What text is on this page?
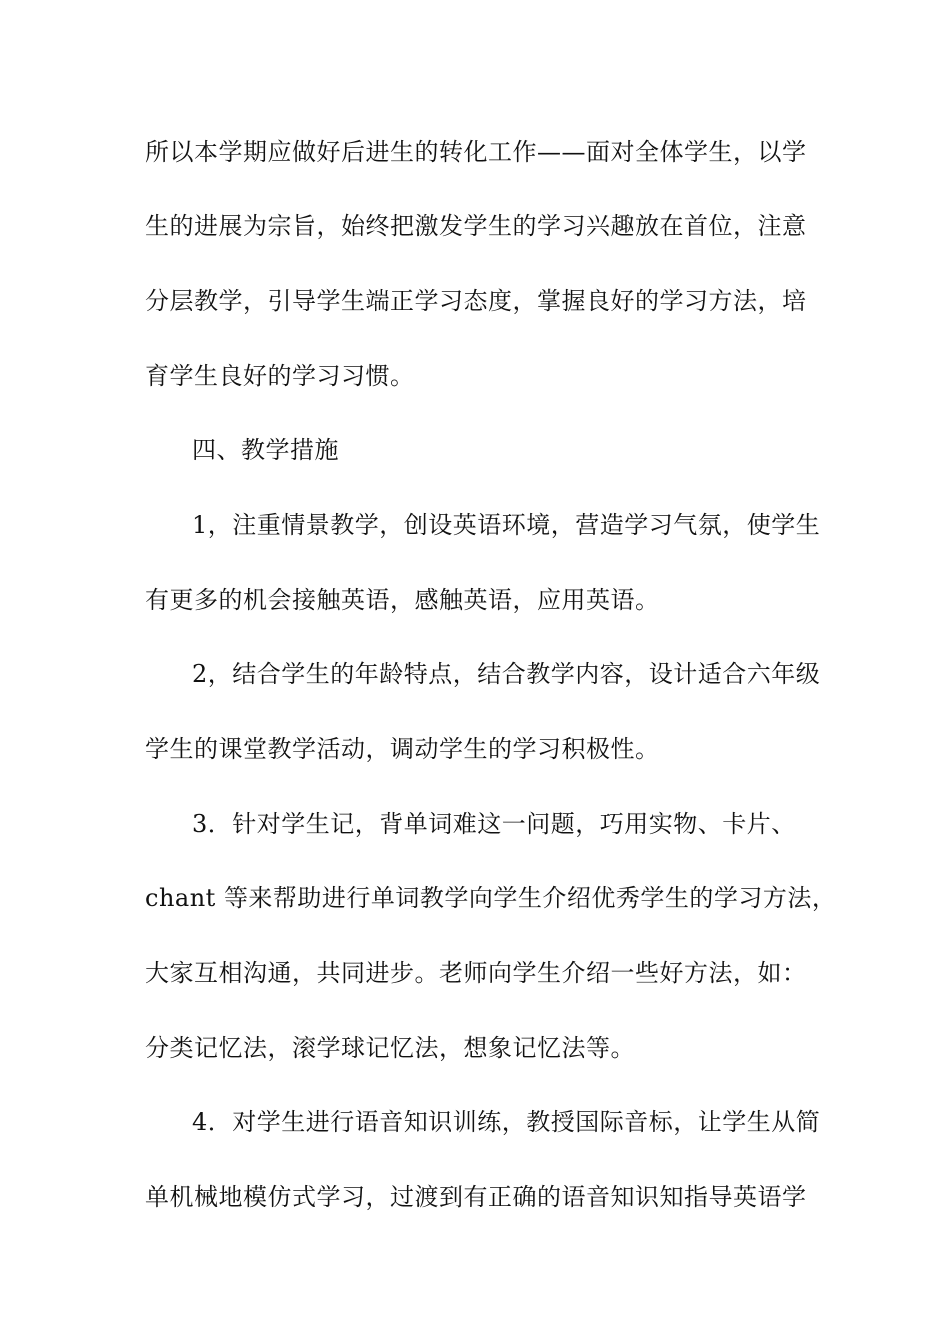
所以本学期应做好后进生的转化工作——面对全体学生，以学
生的进展为宗旨，始终把激发学生的学习兴趣放在首位，注意
分层教学，引导学生端正学习态度，掌握良好的学习方法，培
育学生良好的学习习惯。
四、教学措施
1，注重情景教学，创设英语环境，营造学习气氛，使学生
有更多的机会接触英语，感触英语，应用英语。
2，结合学生的年龄特点，结合教学内容，设计适合六年级
学生的课堂教学活动，调动学生的学习积极性。
3．针对学生记，背单词难这一问题，巧用实物、卡片、
chant 等来帮助进行单词教学向学生介绍优秀学生的学习方法，
大家互相沟通，共同进步。老师向学生介绍一些好方法，如：
分类记忆法，滚学球记忆法，想象记忆法等。
4．对学生进行语音知识训练，教授国际音标，让学生从简
单机械地模仿式学习，过渡到有正确的语音知识知指导英语学
